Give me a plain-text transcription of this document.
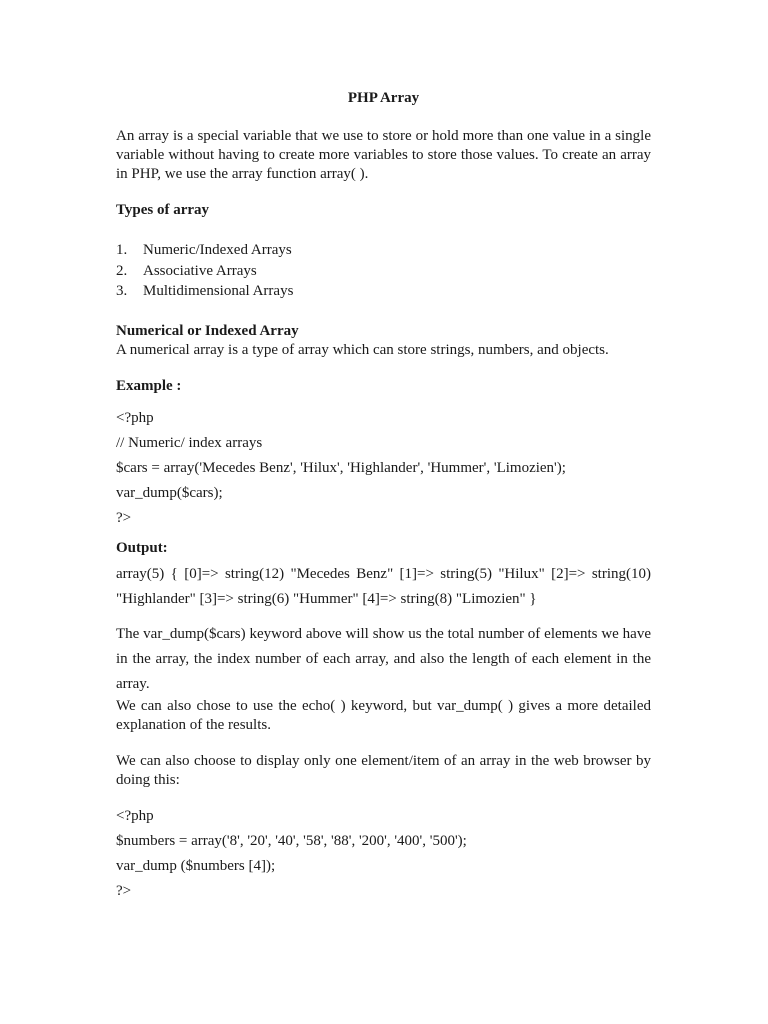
PHP Array

An array is a special variable that we use to store or hold more than one value in a single variable without having to create more variables to store those values. To create an array in PHP, we use the array function array( ).

Types of array

1.	Numeric/Indexed Arrays
2.	Associative Arrays
3.	Multidimensional Arrays

Numerical or Indexed Array

A numerical array is a type of array which can store strings, numbers, and objects.

Example :

<?php

// Numeric/ index arrays

$cars = array('Mecedes Benz', 'Hilux', 'Highlander', 'Hummer', 'Limozien');

var_dump($cars);

?>

Output:

array(5) { [0]=> string(12) "Mecedes Benz" [1]=> string(5) "Hilux" [2]=> string(10) "Highlander" [3]=> string(6) "Hummer" [4]=> string(8) "Limozien" }

The var_dump($cars) keyword above will show us the total number of elements we have in the array, the index number of each array, and also the length of each element in the array.

We can also chose to use the echo( ) keyword, but var_dump( ) gives a more detailed explanation of the results.

We can also choose to display only one element/item of an array in the web browser by doing this:

<?php

$numbers = array('8', '20', '40', '58', '88', '200', '400', '500');

var_dump ($numbers [4]);

?>
